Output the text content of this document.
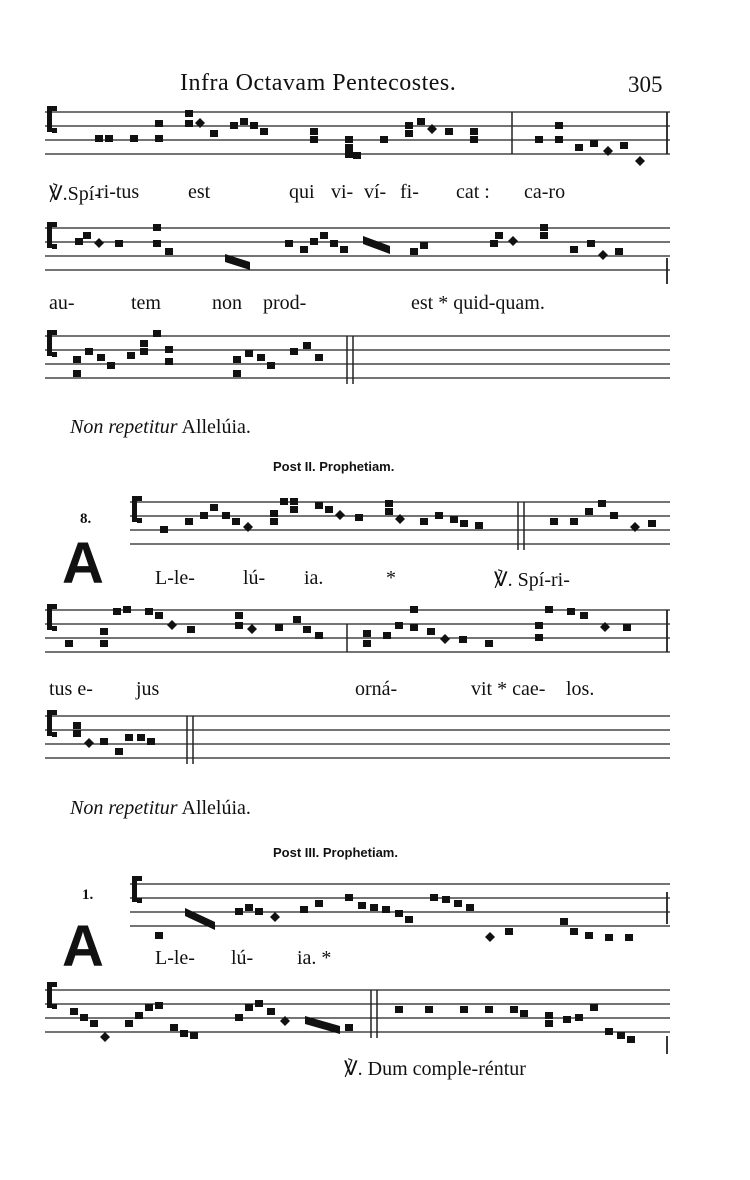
Infra Octavam Pentecostes.	305
℣.Spí-
ri-tus est	qui vi- ví- fi- cat : ca-ro
au-	tem	non prod-	est * quid-quam.
Non repetitur Allelúia.
Post II. Prophetiam.
8.
A	L-le- lú- ia.	*	℣. Spí-ri-
tus e- jus	orná-	vit * cae- los.
Non repetitur Allelúia.
Post III. Prophetiam.
1.
A	L-le- lú- ia. *
℣. Dum comple-réntur
